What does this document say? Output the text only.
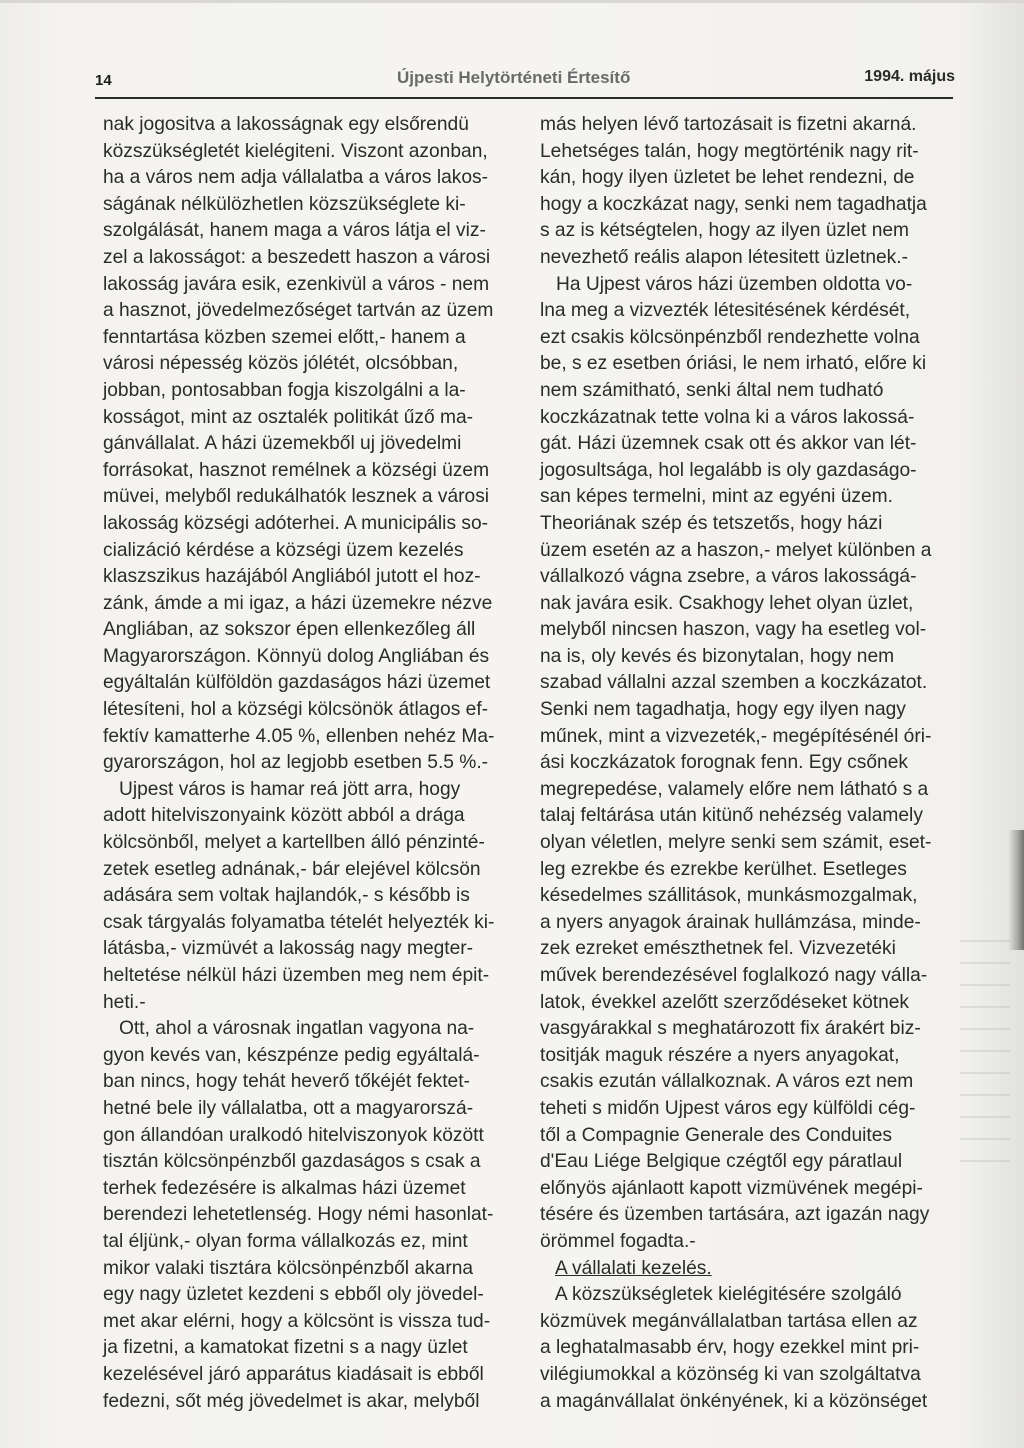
14	Újpesti Helytörténeti Értesítő	1994. május
nak jogositva a lakosságnak egy elsőrendü
közszükségletét kielégiteni. Viszont azonban,
ha a város nem adja vállalatba a város lakos-
ságának nélkülözhetlen közszükséglete ki-
szolgálását, hanem maga a város látja el viz-
zel a lakosságot: a beszedett haszon a városi
lakosság javára esik, ezenkivül a város - nem
a hasznot, jövedelmezőséget tartván az üzem
fenntartása közben szemei előtt,- hanem a
városi népesség közös jólétét, olcsóbban,
jobban, pontosabban fogja kiszolgálni a la-
kosságot, mint az osztalék politikát űző ma-
gánvállalat. A házi üzemekből uj jövedelmi
forrásokat, hasznot remélnek a községi üzem
müvei, melyből redukálhatók lesznek a városi
lakosság községi adóterhei. A municipális so-
cializáció kérdése a községi üzem kezelés
klaszszikus hazájából Angliából jutott el hoz-
zánk, ámde a mi igaz, a házi üzemekre nézve
Angliában, az sokszor épen ellenkezőleg áll
Magyarországon. Könnyü dolog Angliában és
egyáltalán külföldön gazdaságos házi üzemet
létesíteni, hol a községi kölcsönök átlagos ef-
fektív kamatterhe 4.05 %, ellenben nehéz Ma-
gyarországon, hol az legjobb esetben 5.5 %.-
Ujpest város is hamar reá jött arra, hogy
adott hitelviszonyaink között abból a drága
kölcsönből, melyet a kartellben álló pénzinté-
zetek esetleg adnának,- bár elejével kölcsön
adására sem voltak hajlandók,- s később is
csak tárgyalás folyamatba tételét helyezték ki-
látásba,- vizmüvét a lakosság nagy megter-
heltetése nélkül házi üzemben meg nem épit-
heti.-
Ott, ahol a városnak ingatlan vagyona na-
gyon kevés van, készpénze pedig egyáltalá-
ban nincs, hogy tehát heverő tőkéjét fektet-
hetné bele ily vállalatba, ott a magyarorszá-
gon állandóan uralkodó hitelviszonyok között
tisztán kölcsönpénzből gazdaságos s csak a
terhek fedezésére is alkalmas házi üzemet
berendezi lehetetlenség. Hogy némi hasonlat-
tal éljünk,- olyan forma vállalkozás ez, mint
mikor valaki tisztára kölcsönpénzből akarna
egy nagy üzletet kezdeni s ebből oly jövedel-
met akar elérni, hogy a kölcsönt is vissza tud-
ja fizetni, a kamatokat fizetni s a nagy üzlet
kezelésével járó apparátus kiadásait is ebből
fedezni, sőt még jövedelmet is akar, melyből
más helyen lévő tartozásait is fizetni akarná.
Lehetséges talán, hogy megtörténik nagy rit-
kán, hogy ilyen üzletet be lehet rendezni, de
hogy a koczkázat nagy, senki nem tagadhatja
s az is kétségtelen, hogy az ilyen üzlet nem
nevezhető reális alapon létesitett üzletnek.-
Ha Ujpest város házi üzemben oldotta vo-
lna meg a vizvezték létesitésének kérdését,
ezt csakis kölcsönpénzből rendezhette volna
be, s ez esetben óriási, le nem irható, előre ki
nem számitható, senki által nem tudható
koczkázatnak tette volna ki a város lakossá-
gát. Házi üzemnek csak ott és akkor van lét-
jogosultsága, hol legalább is oly gazdaságo-
san képes termelni, mint az egyéni üzem.
Theoriának szép és tetszetős, hogy házi
üzem esetén az a haszon,- melyet különben a
vállalkozó vágna zsebre, a város lakosságá-
nak javára esik. Csakhogy lehet olyan üzlet,
melyből nincsen haszon, vagy ha esetleg vol-
na is, oly kevés és bizonytalan, hogy nem
szabad vállalni azzal szemben a koczkázatot.
Senki nem tagadhatja, hogy egy ilyen nagy
műnek, mint a vizvezeték,- megépítésénél óri-
ási koczkázatok forognak fenn. Egy csőnek
megrepedése, valamely előre nem látható s a
talaj feltárása után kitünő nehézség valamely
olyan véletlen, melyre senki sem számit, eset-
leg ezrekbe és ezrekbe kerülhet. Esetleges
késedelmes szállitások, munkásmozgalmak,
a nyers anyagok árainak hullámzása, minde-
zek ezreket emészthetnek fel. Vizvezetéki
művek berendezésével foglalkozó nagy válla-
latok, évekkel azelőtt szerződéseket kötnek
vasgyárakkal s meghatározott fix árakért biz-
tositják maguk részére a nyers anyagokat,
csakis ezután vállalkoznak. A város ezt nem
teheti s midőn Ujpest város egy külföldi cég-
től a Compagnie Generale des Conduites
d'Eau Liége Belgique czégtől egy páratlaul
előnyös ajánlaott kapott vizmüvének megépi-
tésére és üzemben tartására, azt igazán nagy
örömmel fogadta.-
A vállalati kezelés.
A közszükségletek kielégitésére szolgáló
közmüvek megánvállalatban tartása ellen az
a leghatalmasabb érv, hogy ezekkel mint pri-
vilégiumokkal a közönség ki van szolgáltatva
a magánvállalat önkényének, ki a közönséget
